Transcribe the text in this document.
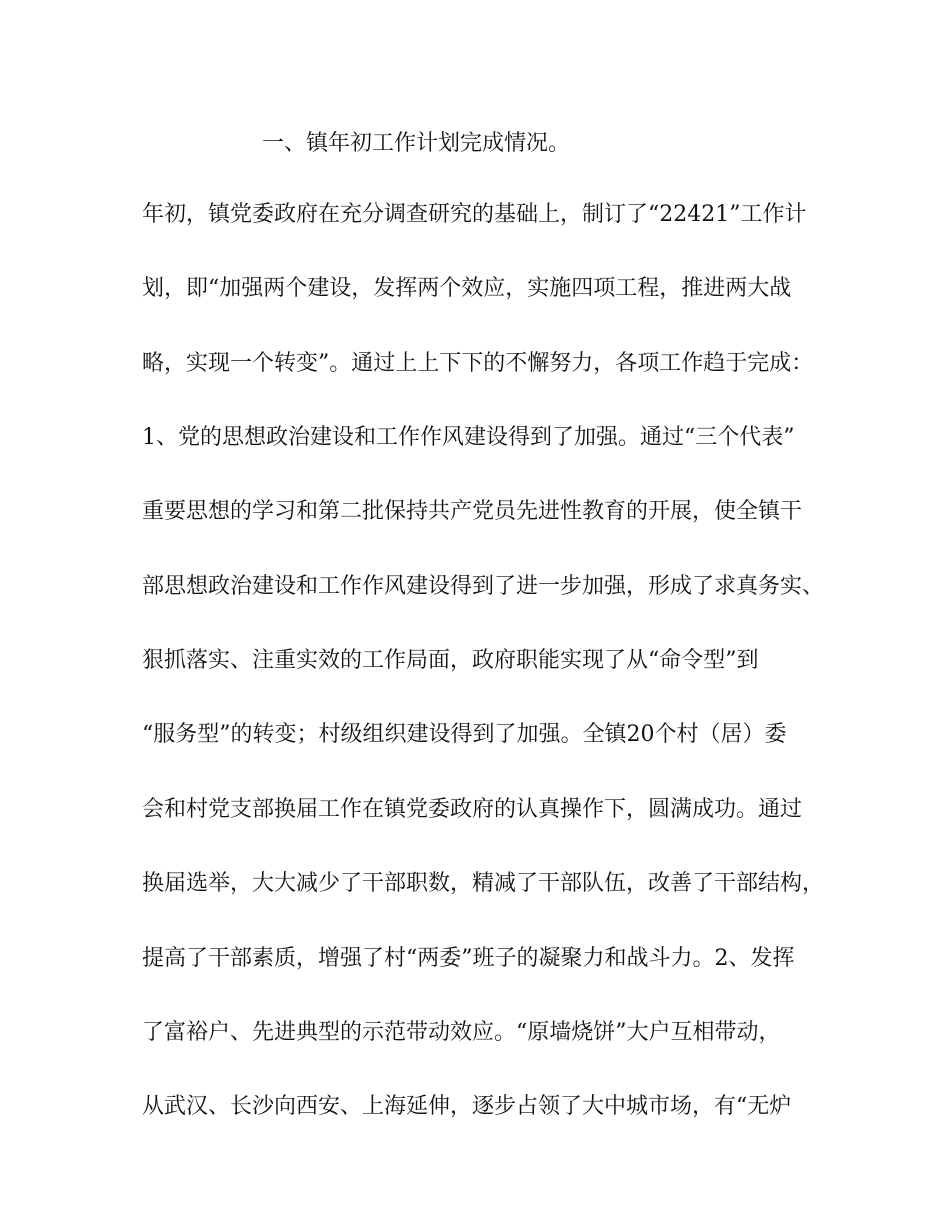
一、镇年初工作计划完成情况。

年初，镇党委政府在充分调查研究的基础上，制订了“22421”工作计

划，即“加强两个建设，发挥两个效应，实施四项工程，推进两大战

略，实现一个转变”。通过上上下下的不懈努力，各项工作趋于完成：

1、党的思想政治建设和工作作风建设得到了加强。通过“三个代表”

重要思想的学习和第二批保持共产党员先进性教育的开展，使全镇干

部思想政治建设和工作作风建设得到了进一步加强，形成了求真务实、

狠抓落实、注重实效的工作局面，政府职能实现了从“命令型”到

“服务型”的转变；村级组织建设得到了加强。全镇20个村（居）委

会和村党支部换届工作在镇党委政府的认真操作下，圆满成功。通过

换届选举，大大减少了干部职数，精减了干部队伍，改善了干部结构，

提高了干部素质，增强了村“两委”班子的凝聚力和战斗力。2、发挥

了富裕户、先进典型的示范带动效应。“原墙烧饼”大户互相带动，

从武汉、长沙向西安、上海延伸，逐步占领了大中城市场，有“无炉
